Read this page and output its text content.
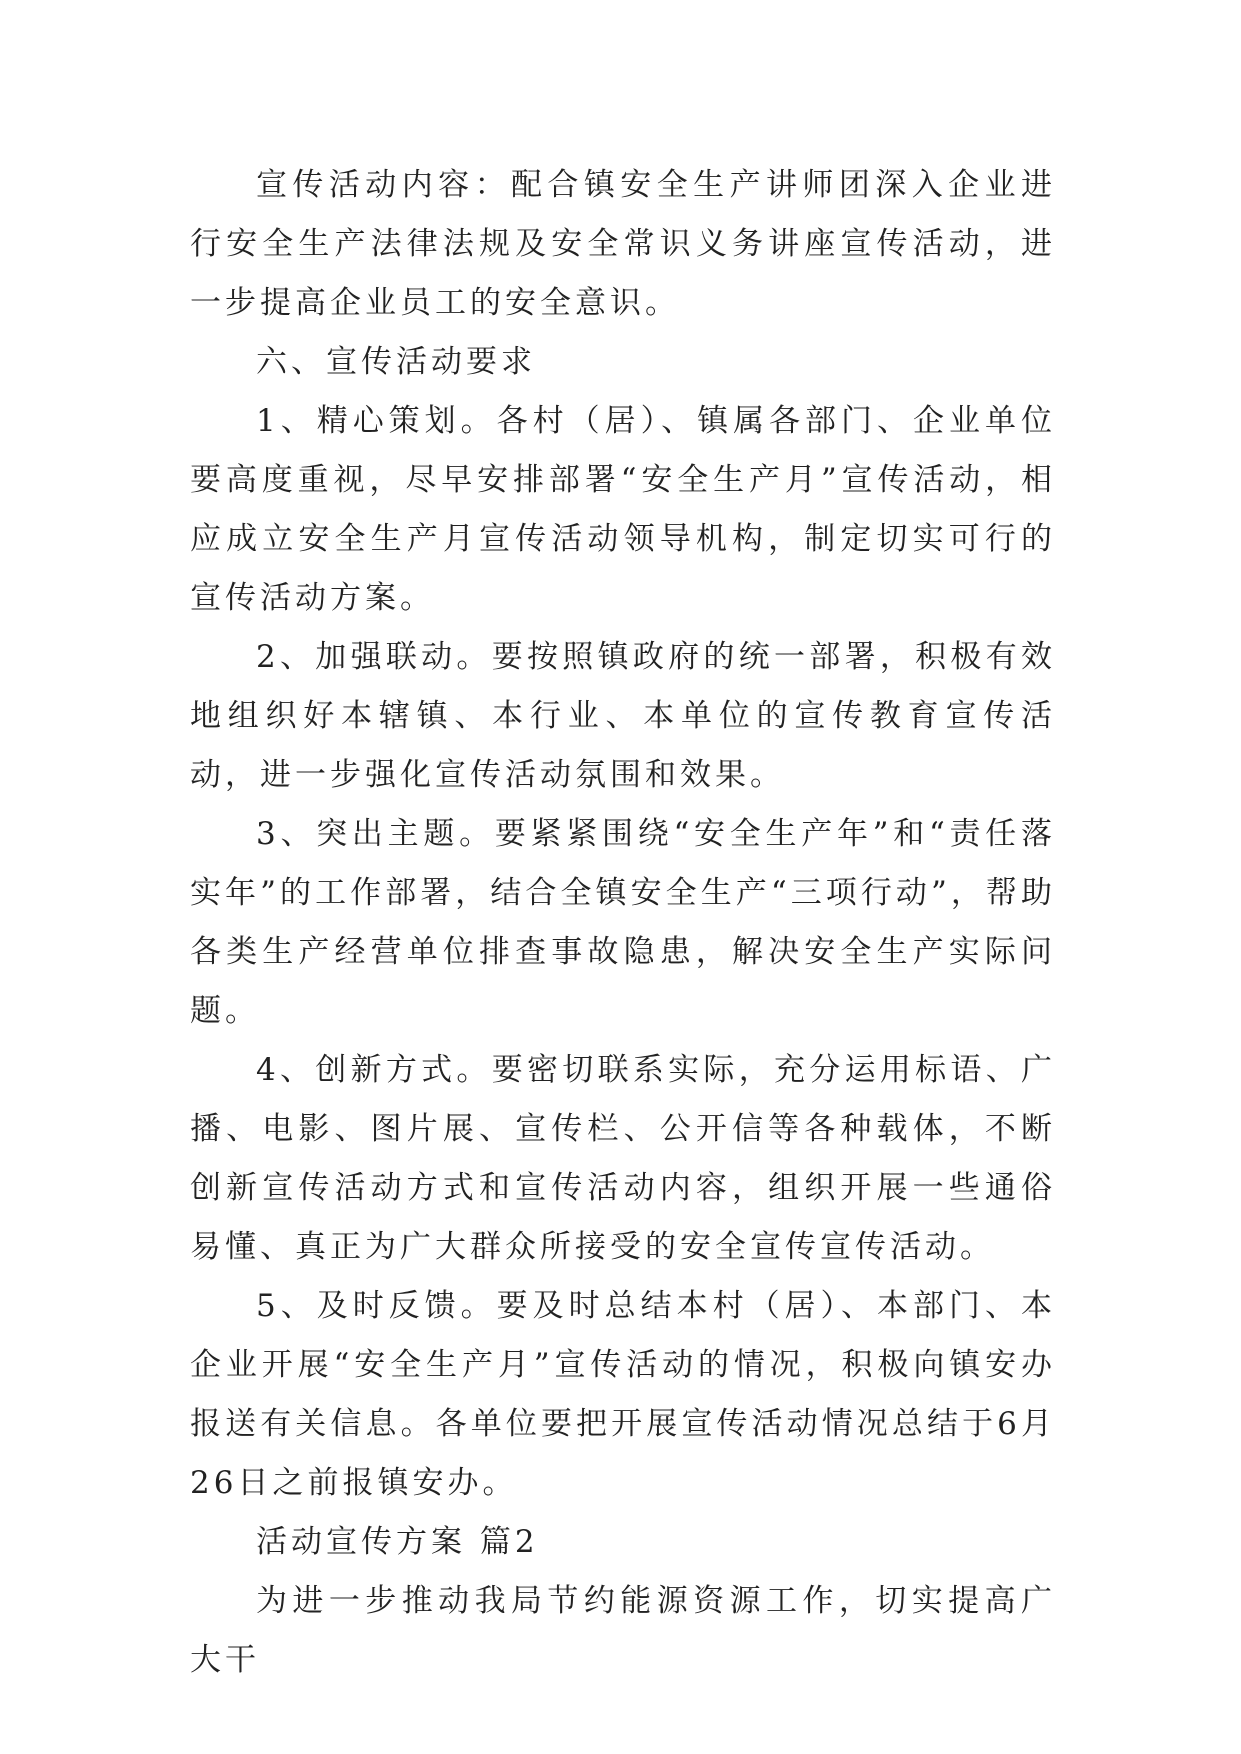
宣传活动内容：配合镇安全生产讲师团深入企业进行安全生产法律法规及安全常识义务讲座宣传活动，进一步提高企业员工的安全意识。

六、宣传活动要求

1、精心策划。各村（居）、镇属各部门、企业单位要高度重视，尽早安排部署“安全生产月”宣传活动，相应成立安全生产月宣传活动领导机构，制定切实可行的宣传活动方案。

2、加强联动。要按照镇政府的统一部署，积极有效地组织好本辖镇、本行业、本单位的宣传教育宣传活动，进一步强化宣传活动氛围和效果。

3、突出主题。要紧紧围绕“安全生产年”和“责任落实年”的工作部署，结合全镇安全生产“三项行动”，帮助各类生产经营单位排查事故隐患，解决安全生产实际问题。

4、创新方式。要密切联系实际，充分运用标语、广播、电影、图片展、宣传栏、公开信等各种载体，不断创新宣传活动方式和宣传活动内容，组织开展一些通俗易懂、真正为广大群众所接受的安全宣传宣传活动。

5、及时反馈。要及时总结本村（居）、本部门、本企业开展“安全生产月”宣传活动的情况，积极向镇安办报送有关信息。各单位要把开展宣传活动情况总结于6月26日之前报镇安办。

活动宣传方案 篇2

为进一步推动我局节约能源资源工作，切实提高广大干
